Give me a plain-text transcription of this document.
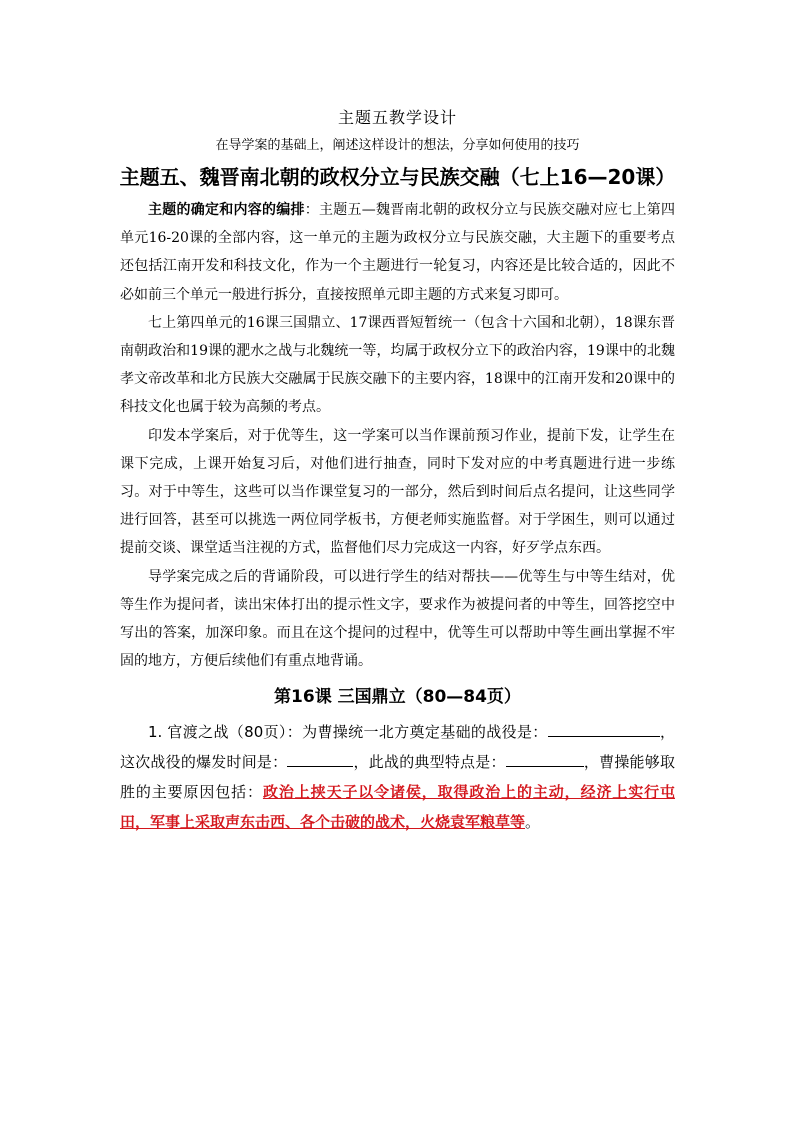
主题五教学设计
在导学案的基础上，阐述这样设计的想法，分享如何使用的技巧
主题五、魏晋南北朝的政权分立与民族交融（七上16—20课）

主题的确定和内容的编排：主题五—魏晋南北朝的政权分立与民族交融对应七上第四单元16-20课的全部内容，这一单元的主题为政权分立与民族交融，大主题下的重要考点还包括江南开发和科技文化，作为一个主题进行一轮复习，内容还是比较合适的，因此不必如前三个单元一般进行拆分，直接按照单元即主题的方式来复习即可。

七上第四单元的16课三国鼎立、17课西晋短暂统一（包含十六国和北朝），18课东晋南朝政治和19课的淝水之战与北魏统一等，均属于政权分立下的政治内容，19课中的北魏孝文帝改革和北方民族大交融属于民族交融下的主要内容，18课中的江南开发和20课中的科技文化也属于较为高频的考点。

印发本学案后，对于优等生，这一学案可以当作课前预习作业，提前下发，让学生在课下完成，上课开始复习后，对他们进行抽查，同时下发对应的中考真题进行进一步练习。对于中等生，这些可以当作课堂复习的一部分，然后到时间后点名提问，让这些同学进行回答，甚至可以挑选一两位同学板书，方便老师实施监督。对于学困生，则可以通过提前交谈、课堂适当注视的方式，监督他们尽力完成这一内容，好歹学点东西。

导学案完成之后的背诵阶段，可以进行学生的结对帮扶——优等生与中等生结对，优等生作为提问者，读出宋体打出的提示性文字，要求作为被提问者的中等生，回答挖空中写出的答案，加深印象。而且在这个提问的过程中，优等生可以帮助中等生画出掌握不牢固的地方，方便后续他们有重点地背诵。

第16课 三国鼎立（80—84页）

1. 官渡之战（80页）：为曹操统一北方奠定基础的战役是：	，这次战役的爆发时间是：	，此战的典型特点是：	，曹操能够取胜的主要原因包括：政治上挟天子以令诸侯，取得政治上的主动，经济上实行屯田，军事上采取声东击西、各个击破的战术，火烧袁军粮草等。
